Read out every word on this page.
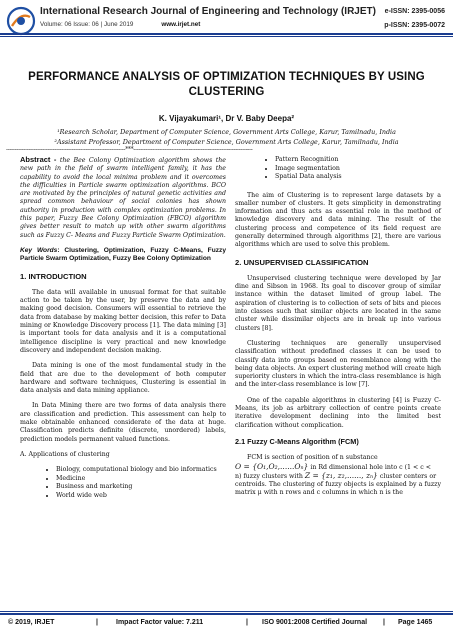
International Research Journal of Engineering and Technology (IRJET)
Volume: 06 Issue: 06 | June 2019	www.irjet.net
e-ISSN: 2395-0056
p-ISSN: 2395-0072
PERFORMANCE ANALYSIS OF OPTIMIZATION TECHNIQUES BY USING CLUSTERING
K. Vijayakumari¹, Dr V. Baby Deepa²
¹Research Scholar, Department of Computer Science, Government Arts College, Karur, Tamilnadu, India
²Assistant Professor, Department of Computer Science, Government Arts College, Karur, Tamilnadu, India
---------------------------------------------------------------------***---------------------------------------------------------------------

Abstract - the Bee Colony Optimization algorithm shows the new path in the field of swarm intelligent family, it has the capability to avoid the local minima problem and it overcomes the difficulties in Particle swarm optimization algorithms. BCO are motivated by the principles of natural genetic activities and spread common behaviour of social colonies has shown authority in production with complex optimization problems. In this paper, Fuzzy Bee Colony Optimization (FBCO) algorithm gives better result to match up with other swarm algorithms such as Fuzzy C- Means and Fuzzy Particle Swarm Optimization.

Key Words: Clustering, Optimization, Fuzzy C-Means, Fuzzy Particle Swarm Optimization, Fuzzy Bee Colony Optimization

1. INTRODUCTION

The data will available in unusual format for that suitable action to be taken by the user, by preserve the data and by making good decision. Consumers will essential to retrieve the data from database by making better decision, this refer to Data mining or Knowledge Discovery process [1]. The data mining [3] is important tools for data analysis and it is a computational intelligence discipline is very practical and new knowledge discovery and independent decision making.

Data mining is one of the most fundamental study in the field that are due to the development of both computer hardware and software techniques, Clustering is essential in data analysis and data mining appliance.

In Data Mining there are two forms of data analysis there are classification and prediction. This assessment can help to make obtainable enhanced considerate of the data at huge. Classification predicts definite (discrete, unordered) labels, prediction models permanent valued functions.

A. Applications of clustering

• Biology, computational biology and bio informatics
• Medicine
• Business and marketing
• World wide web
• Pattern Recognition
• Image segmentation
• Spatial Data analysis

The aim of Clustering is to represent large datasets by a smaller number of clusters. It gets simplicity in demonstrating information and thus acts as essential role in the method of knowledge discovery and data mining. The result of the clustering process and competence of its field request are generally determined through algorithms [2], there are various algorithms which are used to solve this problem.

2. UNSUPERVISED CLASSIFICATION

Unsupervised clustering technique were developed by Jar dine and Sibson in 1968. Its goal to discover group of similar instance within the dataset limited of group label. The aspiration of clustering is to collection of sets of bits and pieces into classes such that similar objects are located in the same cluster while dissimilar objects are in break up into various clusters [8].

Clustering techniques are generally unsupervised classification without predefined classes it can be used to classify data into groups based on resemblance along with the being data objects. An expert clustering method will create high superiority clusters in which the intra-class resemblance is high and the inter-class resemblance is low [7].

One of the capable algorithms in clustering [4] is Fuzzy C-Means, its job as arbitrary collection of centre points create iterative development declining into the limited best clarification without complication.

2.1 Fuzzy C-Means Algorithm (FCM)

FCM is section of position of n substance

O = {O₁,O₂,......Oₙ} in Rd dimensional hole into c (1 < c <

n) fuzzy clusters with Z = {z₁, z₂,......, zₙ} cluster centers or

centroids. The clustering of fuzzy objects is explained by a fuzzy matrix μ with n rows and c columns in which n is the

© 2019, IRJET	|	Impact Factor value: 7.211	| ISO 9001:2008 Certified Journal | Page 1465
